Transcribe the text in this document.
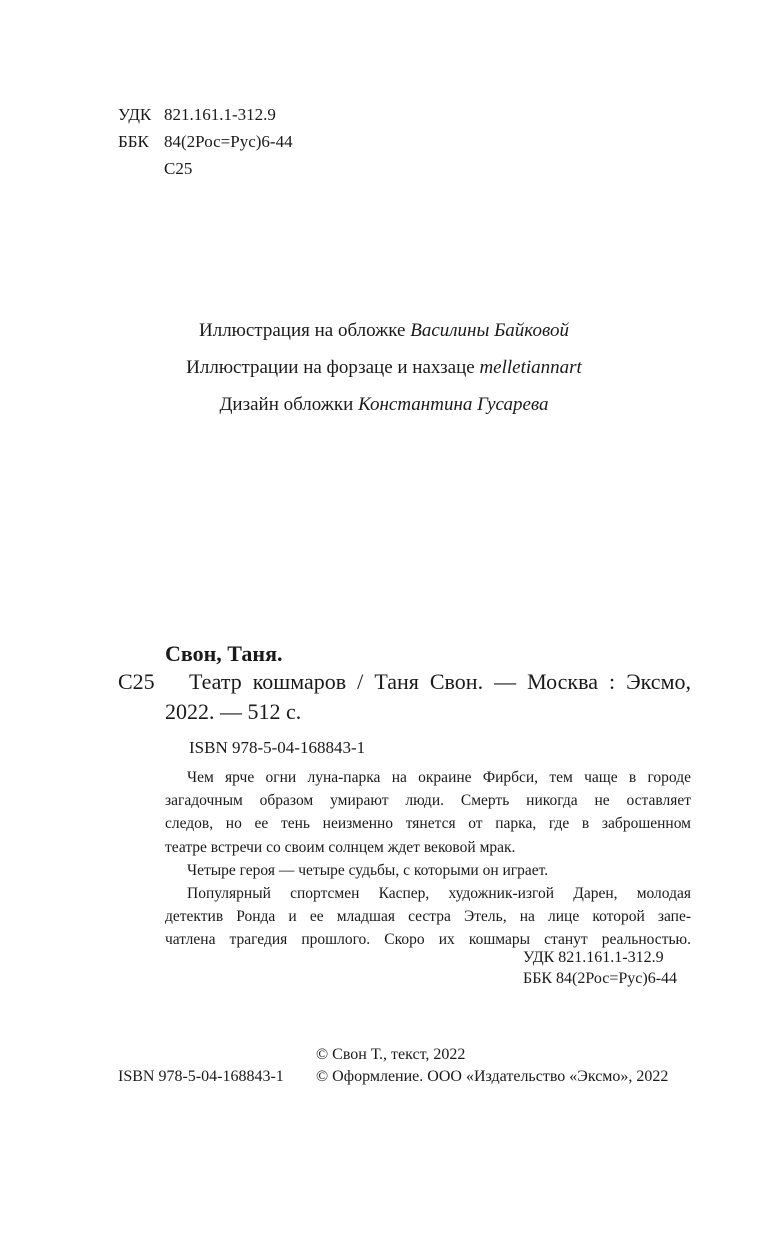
УДК 821.161.1-312.9
ББК 84(2Рос=Рус)6-44
С25
Иллюстрация на обложке Василины Байковой
Иллюстрации на форзаце и нахзаце melletiannart
Дизайн обложки Константина Гусарева
Свон, Таня.
С25 Театр кошмаров / Таня Свон. — Москва : Эксмо,
2022. — 512 с.
ISBN 978-5-04-168843-1
Чем ярче огни луна-парка на окраине Фирбси, тем чаще в городе
загадочным образом умирают люди. Смерть никогда не оставляет
следов, но ее тень неизменно тянется от парка, где в заброшенном
театре встречи со своим солнцем ждет вековой мрак.
Четыре героя — четыре судьбы, с которыми он играет.
Популярный спортсмен Каспер, художник-изгой Дарен, молодая
детектив Ронда и ее младшая сестра Этель, на лице которой запе-
чатлена трагедия прошлого. Скоро их кошмары станут реальностью.
УДК 821.161.1-312.9
ББК 84(2Рос=Рус)6-44
© Свон Т., текст, 2022
ISBN 978-5-04-168843-1 © Оформление. ООО «Издательство «Эксмо», 2022
